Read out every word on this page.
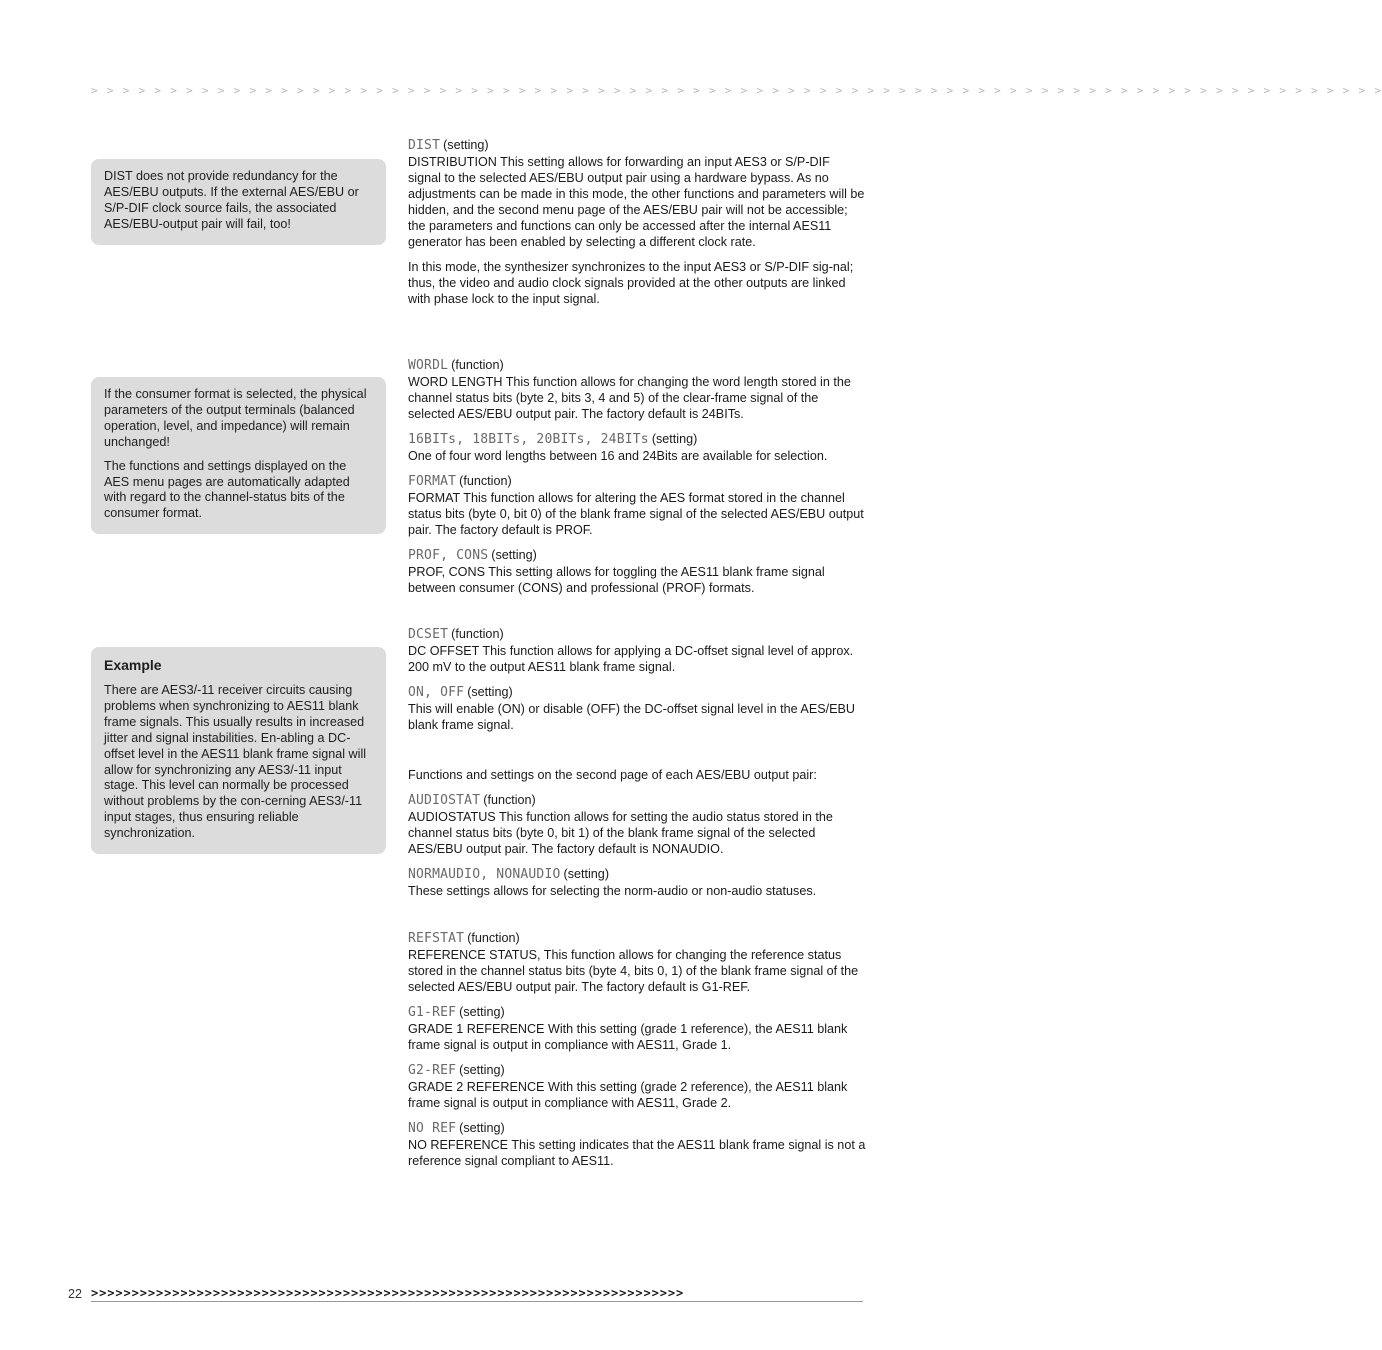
> > > > > > > > > > > > > > > > > > > > > > > > > > > > > > > > > > > > > > > > > > > > > > > > > > > > > > > > > > > > > > > > > > > > > > > > > > > > > > > > > >

DIST does not provide redundancy for the AES/EBU outputs. If the external AES/EBU or S/P-DIF clock source fails, the associated AES/EBU-output pair will fail, too!

If the consumer format is selected, the physical parameters of the output terminals (balanced operation, level, and impedance) will remain unchanged!

The functions and settings displayed on the AES menu pages are automatically adapted with regard to the channel-status bits of the consumer format.

Example

There are AES3/-11 receiver circuits causing problems when synchronizing to AES11 blank frame signals. This usually results in increased jitter and signal instabilities. En-abling a DC-offset level in the AES11 blank frame signal will allow for synchronizing any AES3/-11 input stage. This level can normally be processed without problems by the con-cerning AES3/-11 input stages, thus ensuring reliable synchronization.

DIST (setting)
DISTRIBUTION This setting allows for forwarding an input AES3 or S/P-DIF signal to the selected AES/EBU output pair using a hardware bypass. As no adjustments can be made in this mode, the other functions and parameters will be hidden, and the second menu page of the AES/EBU pair will not be accessible; the parameters and functions can only be accessed after the internal AES11 generator has been enabled by selecting a different clock rate.

In this mode, the synthesizer synchronizes to the input AES3 or S/P-DIF sig-nal; thus, the video and audio clock signals provided at the other outputs are linked with phase lock to the input signal.

WORDL (function)
WORD LENGTH This function allows for changing the word length stored in the channel status bits (byte 2, bits 3, 4 and 5) of the clear-frame signal of the selected AES/EBU output pair. The factory default is 24BITs.
16BITs, 18BITs, 20BITs, 24BITs (setting)
One of four word lengths between 16 and 24Bits are available for selection.
FORMAT (function)
FORMAT This function allows for altering the AES format stored in the channel status bits (byte 0, bit 0) of the blank frame signal of the selected AES/EBU output pair. The factory default is PROF.
PROF, CONS (setting)
PROF, CONS This setting allows for toggling the AES11 blank frame signal between consumer (CONS) and professional (PROF) formats.
DCSET (function)
DC OFFSET This function allows for applying a DC-offset signal level of approx. 200 mV to the output AES11 blank frame signal.
ON, OFF (setting)
This will enable (ON) or disable (OFF) the DC-offset signal level in the AES/EBU blank frame signal.

Functions and settings on the second page of each AES/EBU output pair:

AUDIOSTAT (function)
AUDIOSTATUS This function allows for setting the audio status stored in the channel status bits (byte 0, bit 1) of the blank frame signal of the selected AES/EBU output pair. The factory default is NONAUDIO.
NORMAUDIO, NONAUDIO (setting)
These settings allows for selecting the norm-audio or non-audio statuses.
REFSTAT (function)
REFERENCE STATUS, This function allows for changing the reference status stored in the channel status bits (byte 4, bits 0, 1) of the blank frame signal of the selected AES/EBU output pair. The factory default is G1-REF.
G1-REF (setting)
GRADE 1 REFERENCE With this setting (grade 1 reference), the AES11 blank frame signal is output in compliance with AES11, Grade 1.
G2-REF (setting)
GRADE 2 REFERENCE With this setting (grade 2 reference), the AES11 blank frame signal is output in compliance with AES11, Grade 2.
NO REF (setting)
NO REFERENCE This setting indicates that the AES11 blank frame signal is not a reference signal compliant to AES11.
22 >>>>>>>>>>>>>>>>>>>>>>>>>>>>>>>>>>>>>>>>>>>>>>>>>>>>>>>>>>>>>>>>>>>>>>>>>
